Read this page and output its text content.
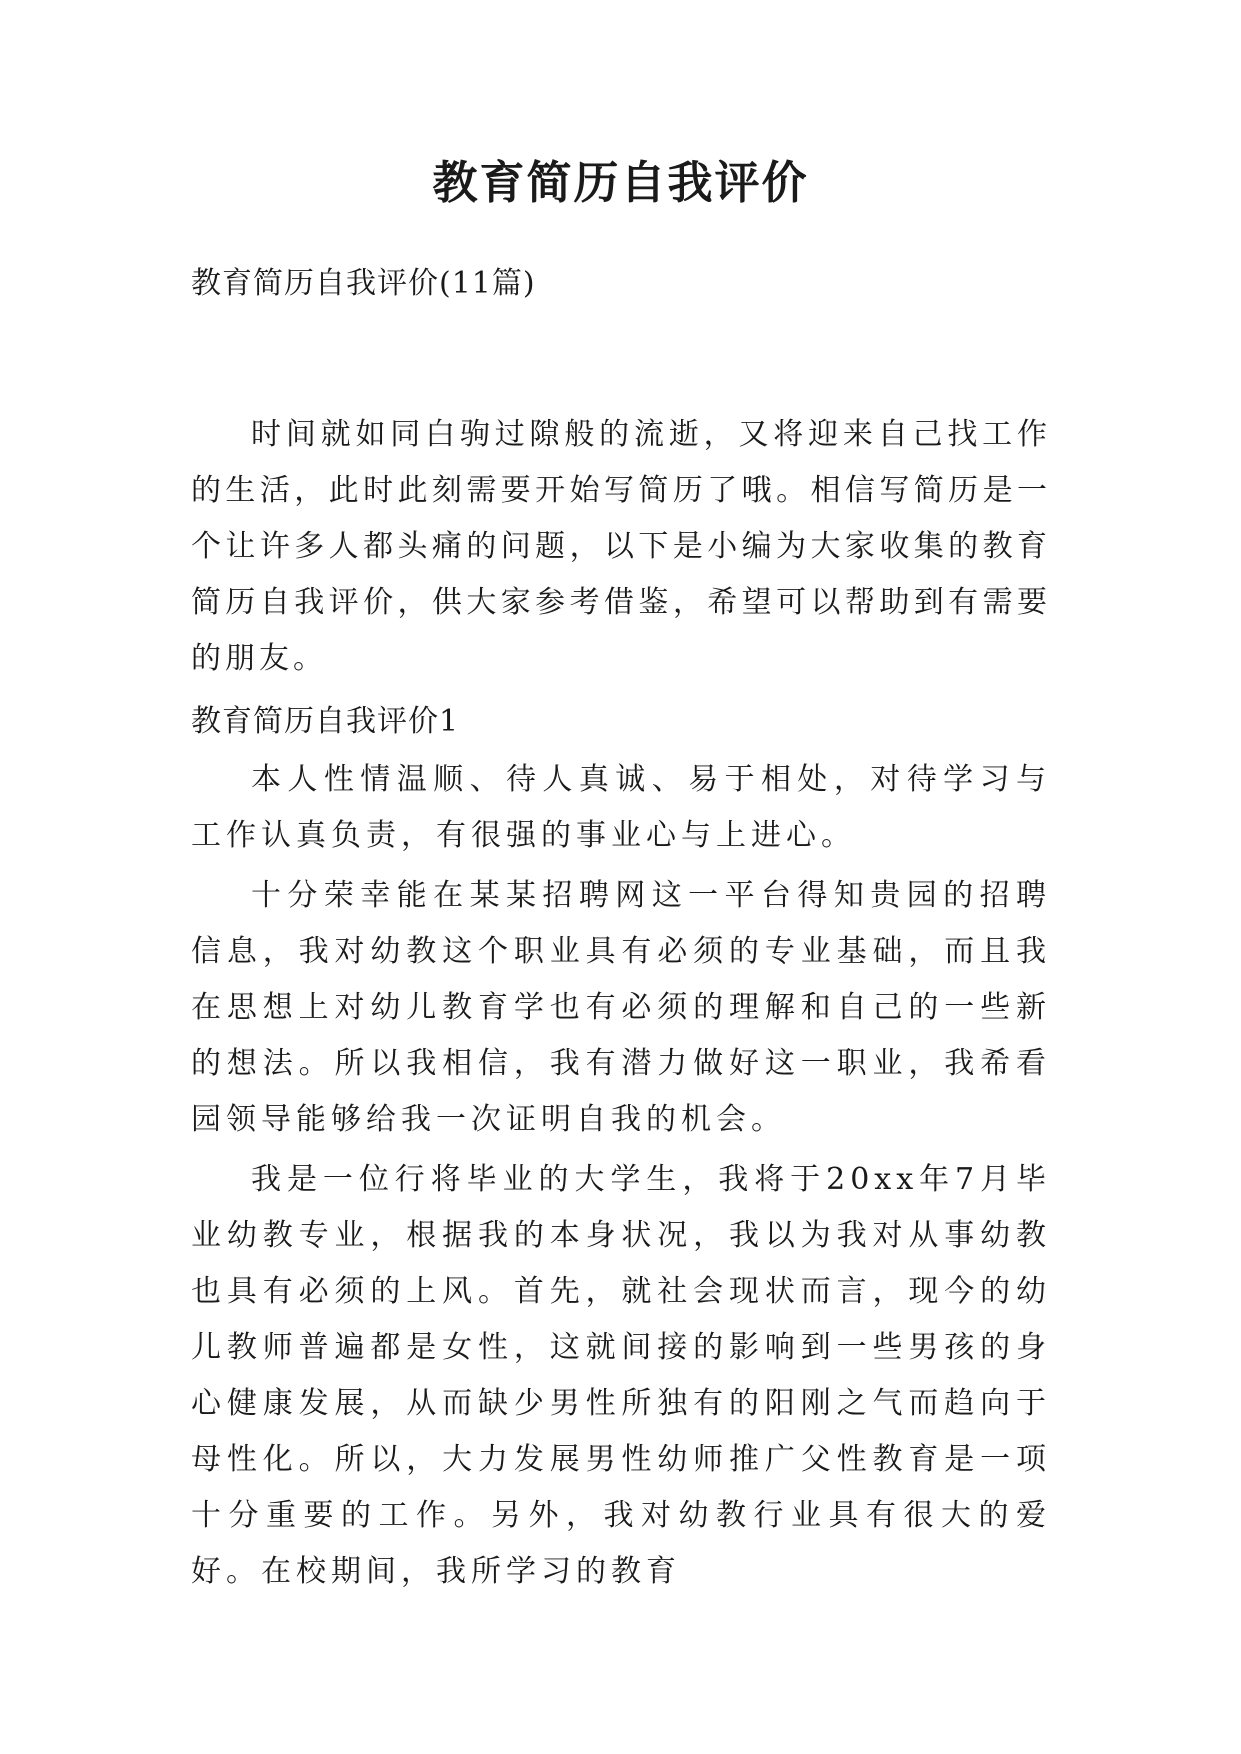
教育简历自我评价

教育简历自我评价(11篇)

时间就如同白驹过隙般的流逝，又将迎来自己找工作的生活，此时此刻需要开始写简历了哦。相信写简历是一个让许多人都头痛的问题，以下是小编为大家收集的教育简历自我评价，供大家参考借鉴，希望可以帮助到有需要的朋友。

教育简历自我评价1

本人性情温顺、待人真诚、易于相处，对待学习与工作认真负责，有很强的事业心与上进心。

十分荣幸能在某某招聘网这一平台得知贵园的招聘信息，我对幼教这个职业具有必须的专业基础，而且我在思想上对幼儿教育学也有必须的理解和自己的一些新的想法。所以我相信，我有潜力做好这一职业，我希看园领导能够给我一次证明自我的机会。

我是一位行将毕业的大学生，我将于20xx年7月毕业幼教专业，根据我的本身状况，我以为我对从事幼教也具有必须的上风。首先，就社会现状而言，现今的幼儿教师普遍都是女性，这就间接的影响到一些男孩的身心健康发展，从而缺少男性所独有的阳刚之气而趋向于母性化。所以，大力发展男性幼师推广父性教育是一项十分重要的工作。另外，我对幼教行业具有很大的爱好。在校期间，我所学习的教育
